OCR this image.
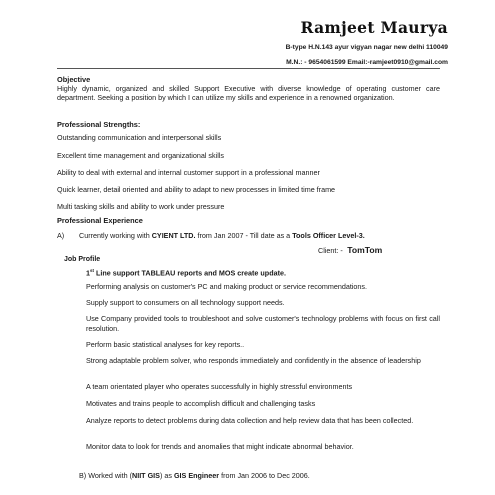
Ramjeet Maurya
B-type H.N.143 ayur vigyan nagar new delhi 110049
M.N.: - 9654061599 Email:-ramjeet0910@gmail.com
Objective
Highly dynamic, organized and skilled Support Executive with diverse knowledge of operating customer care department. Seeking a position by which I can utilize my skills and experience in a renowned organization.
Professional Strengths:
Outstanding communication and interpersonal skills
Excellent time management and organizational skills
Ability to deal with external and internal customer support in a professional manner
Quick learner, detail oriented and ability to adapt to new processes in limited time frame
Multi tasking skills and ability to work under pressure
Professional Experience
A) Currently working with CYIENT LTD. from Jan 2007 - Till date as a Tools Officer Level-3.
Client: - TomTom
Job Profile
1st Line support TABLEAU reports and MOS create update.
Performing analysis on customer's PC and making product or service recommendations.
Supply support to consumers on all technology support needs.
Use Company provided tools to troubleshoot and solve customer's technology problems with focus on first call resolution.
Perform basic statistical analyses for key reports..
Strong adaptable problem solver, who responds immediately and confidently in the absence of leadership
A team orientated player who operates successfully in highly stressful environments
Motivates and trains people to accomplish difficult and challenging tasks
Analyze reports to detect problems during data collection and help review data that has been collected.
Monitor data to look for trends and anomalies that might indicate abnormal behavior.
B) Worked with (NIIT GIS) as GIS Engineer from Jan 2006 to Dec 2006.
